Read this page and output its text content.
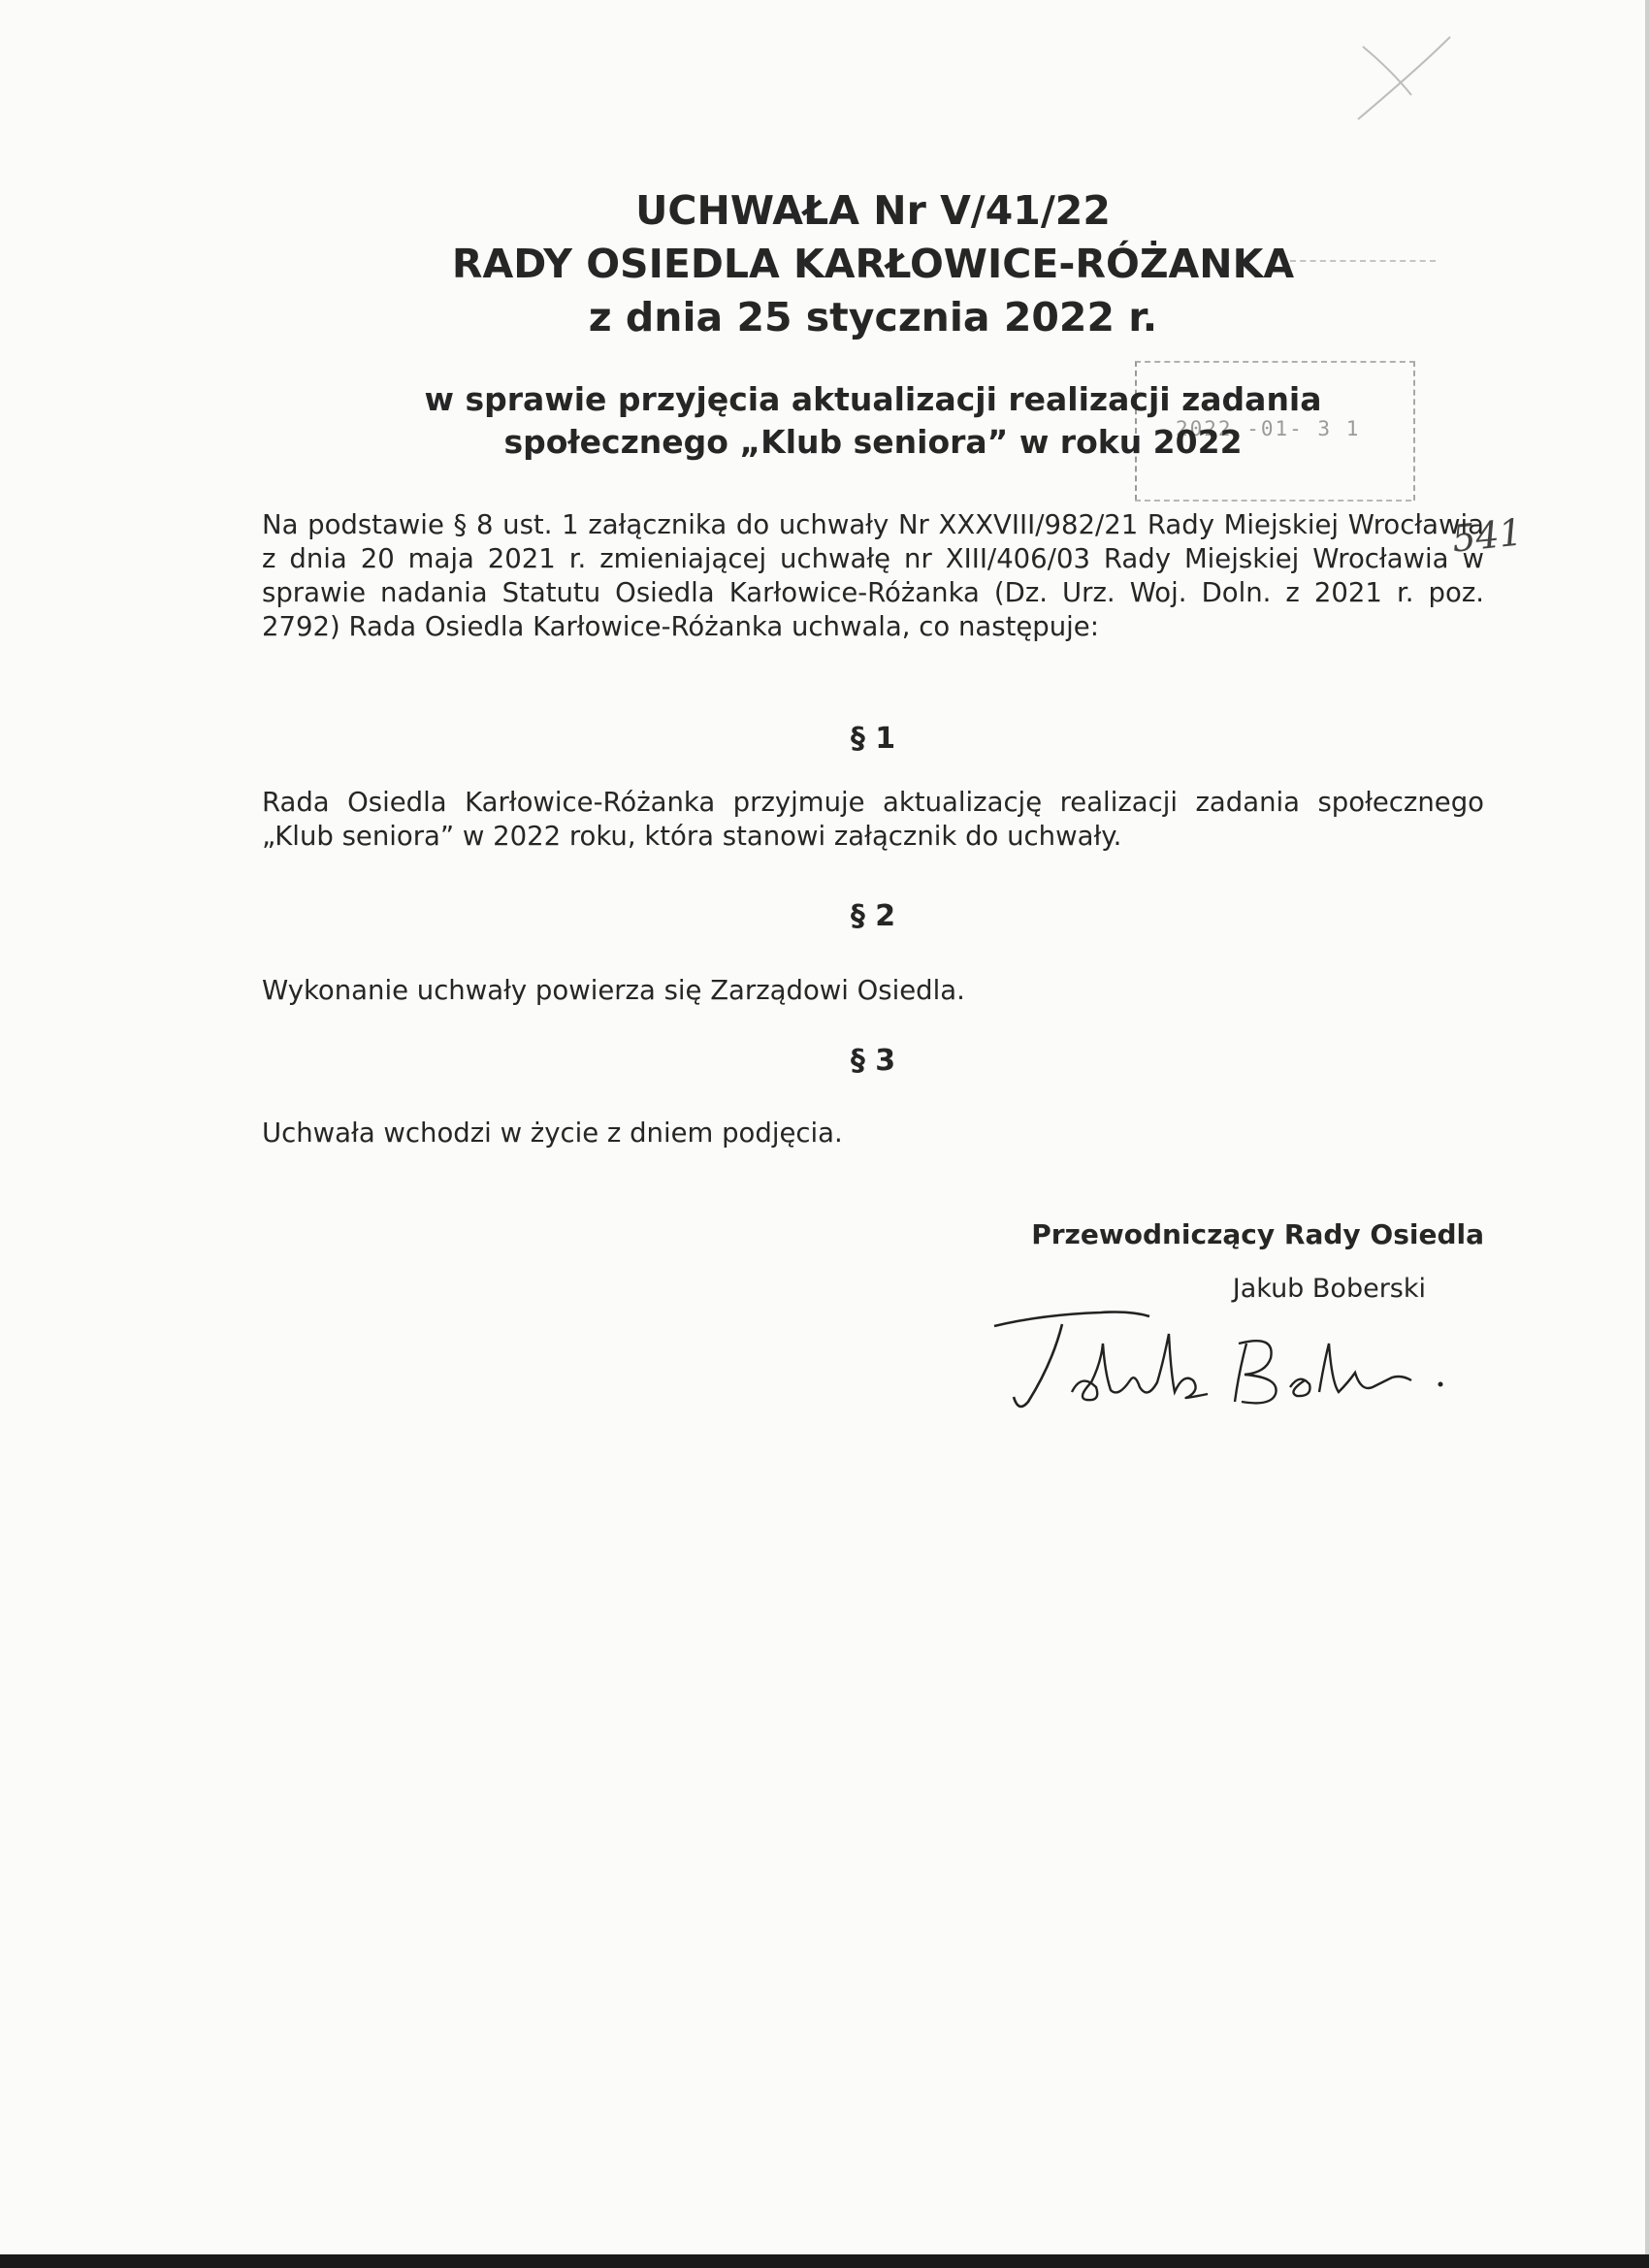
UCHWAŁA Nr V/41/22
RADY OSIEDLA KARŁOWICE-RÓŻANKA
z dnia 25 stycznia 2022 r.
2022 -01- 3 1
w sprawie przyjęcia aktualizacji realizacji zadania
społecznego „Klub seniora” w roku 2022
541
Na podstawie § 8 ust. 1 załącznika do uchwały Nr XXXVIII/982/21 Rady Miejskiej Wrocławia z dnia 20 maja 2021 r. zmieniającej uchwałę nr XIII/406/03 Rady Miejskiej Wrocławia w sprawie nadania Statutu Osiedla Karłowice-Różanka (Dz. Urz. Woj. Doln. z 2021 r. poz. 2792) Rada Osiedla Karłowice-Różanka uchwala, co następuje:
§ 1
Rada Osiedla Karłowice-Różanka przyjmuje aktualizację realizacji zadania społecznego „Klub seniora” w 2022 roku, która stanowi załącznik do uchwały.
§ 2
Wykonanie uchwały powierza się Zarządowi Osiedla.
§ 3
Uchwała wchodzi w życie z dniem podjęcia.
Przewodniczący Rady Osiedla
Jakub Boberski
